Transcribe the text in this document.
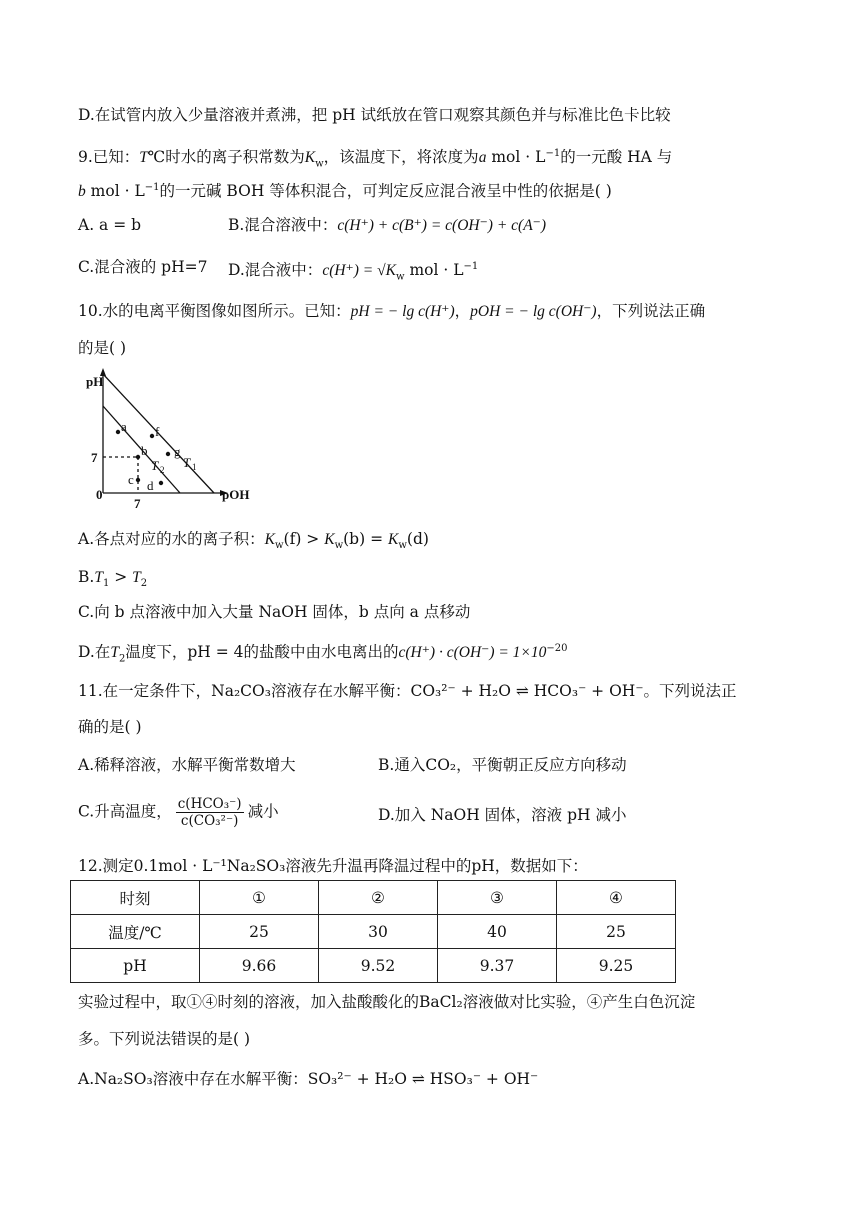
D.在试管内放入少量溶液并煮沸，把 pH 试纸放在管口观察其颜色并与标准比色卡比较
9.已知：T℃时水的离子积常数为$K_w$，该温度下，将浓度为a mol · $L^{-1}$的一元酸 HA 与
b mol · $L^{-1}$的一元碱 BOH 等体积混合，可判定反应混合液呈中性的依据是( )
A. a = b	B.混合溶液中：c(H⁺) + c(B⁺) = c(OH⁻) + c(A⁻)
C.混合液的 pH=7 D.混合液中：$c(H^+) = √K_w$ mol · $L^{-1}$
10.水的电离平衡图像如图所示。已知：pH = − lg c(H⁺)，pOH = − lg c(OH⁻)，下列说法正确
的是( )
pH
pOH
0
7
7
a
b
c d
f
g
T 1
T 2
A.各点对应的水的离子积：$K_w(f) > K_w(b) = K_w(d)$
$B.T_1 > T_2$
C.向 b 点溶液中加入大量 NaOH 固体，b 点向 a 点移动
D.在$T_2$温度下，pH = 4的盐酸中由水电离出的$c(H^+) \cdot c(OH^-) = 1\times 10^{-20}$
11.在一定条件下，Na₂CO₃溶液存在水解平衡：CO₃²⁻ + H₂O ⇌ HCO₃⁻ + OH⁻。下列说法正
确的是( )
A.稀释溶液，水解平衡常数增大	B.通入CO₂，平衡朝正反应方向移动
C.升高温度， $\frac{\text{c(HCO₃⁻)}}{\text{c(CO₃²⁻)}}$ 减小	D.加入 NaOH 固体，溶液 pH 减小
12.测定0.1mol · L⁻¹Na₂SO₃溶液先升温再降温过程中的pH，数据如下：
时刻	①	②	③	④
温度/℃	25	30	40	25
pH	9.66	9.52	9.37	9.25
实验过程中，取①④时刻的溶液，加入盐酸酸化的BaCl₂溶液做对比实验，④产生白色沉淀
多。下列说法错误的是( )
A.Na₂SO₃溶液中存在水解平衡：SO₃²⁻ + H₂O ⇌ HSO₃⁻ + OH⁻
